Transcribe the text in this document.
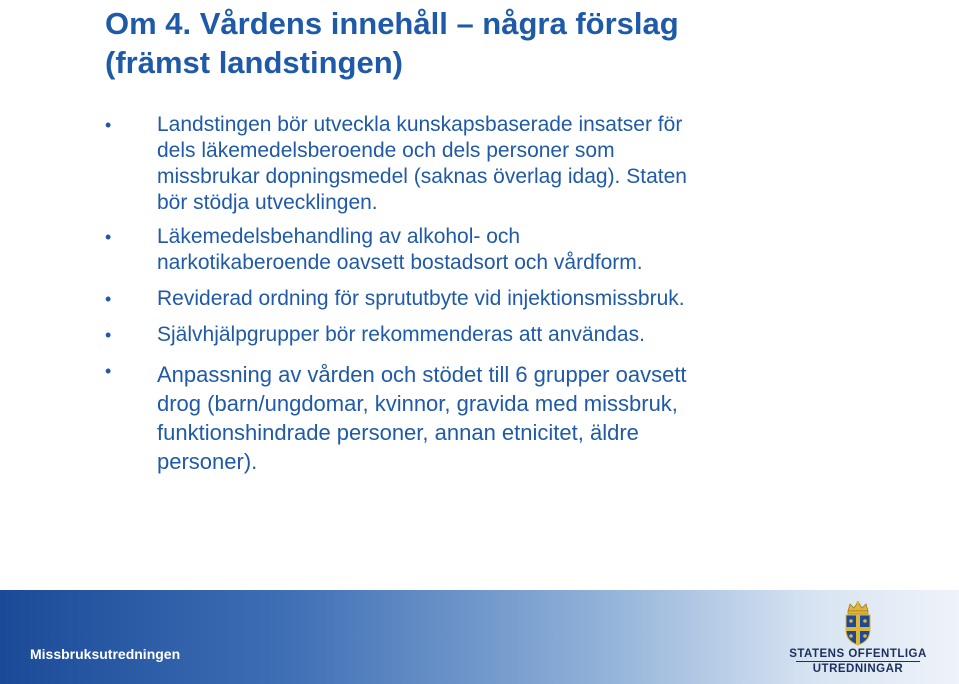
Om 4. Vårdens innehåll – några förslag
(främst landstingen)
• Landstingen bör utveckla kunskapsbaserade insatser för
dels läkemedelsberoende och dels personer som
missbrukar dopningsmedel (saknas överlag idag). Staten
bör stödja utvecklingen.
• Läkemedelsbehandling av alkohol- och
narkotikaberoende oavsett bostadsort och vårdform.
• Reviderad ordning för sprututbyte vid injektionsmissbruk.
• Självhjälpgrupper bör rekommenderas att användas.
• Anpassning av vården och stödet till 6 grupper oavsett
drog (barn/ungdomar, kvinnor, gravida med missbruk,
funktionshindrade personer, annan etnicitet, äldre
personer).
Missbruksutredningen	STATENS OFFENTLIGA
UTREDNINGAR
